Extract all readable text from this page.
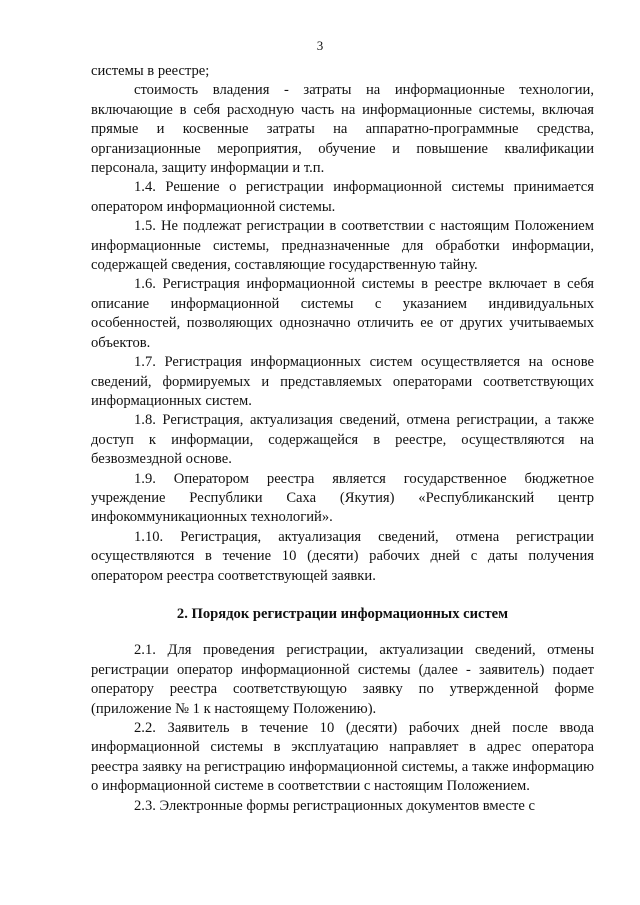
3

системы в реестре;

стоимость владения - затраты на информационные технологии, включающие в себя расходную часть на информационные системы, включая прямые и косвенные затраты на аппаратно-программные средства, организационные мероприятия, обучение и повышение квалификации персонала, защиту информации и т.п.

1.4. Решение о регистрации информационной системы принимается оператором информационной системы.

1.5. Не подлежат регистрации в соответствии с настоящим Положением информационные системы, предназначенные для обработки информации, содержащей сведения, составляющие государственную тайну.

1.6. Регистрация информационной системы в реестре включает в себя описание информационной системы с указанием индивидуальных особенностей, позволяющих однозначно отличить ее от других учитываемых объектов.

1.7. Регистрация информационных систем осуществляется на основе сведений, формируемых и представляемых операторами соответствующих информационных систем.

1.8. Регистрация, актуализация сведений, отмена регистрации, а также доступ к информации, содержащейся в реестре, осуществляются на безвозмездной основе.

1.9. Оператором реестра является государственное бюджетное учреждение Республики Саха (Якутия) «Республиканский центр инфокоммуникационных технологий».

1.10. Регистрация, актуализация сведений, отмена регистрации осуществляются в течение 10 (десяти) рабочих дней с даты получения оператором реестра соответствующей заявки.

2. Порядок регистрации информационных систем

2.1. Для проведения регистрации, актуализации сведений, отмены регистрации оператор информационной системы (далее - заявитель) подает оператору реестра соответствующую заявку по утвержденной форме (приложение № 1 к настоящему Положению).

2.2. Заявитель в течение 10 (десяти) рабочих дней после ввода информационной системы в эксплуатацию направляет в адрес оператора реестра заявку на регистрацию информационной системы, а также информацию о информационной системе в соответствии с настоящим Положением.

2.3. Электронные формы регистрационных документов вместе с
